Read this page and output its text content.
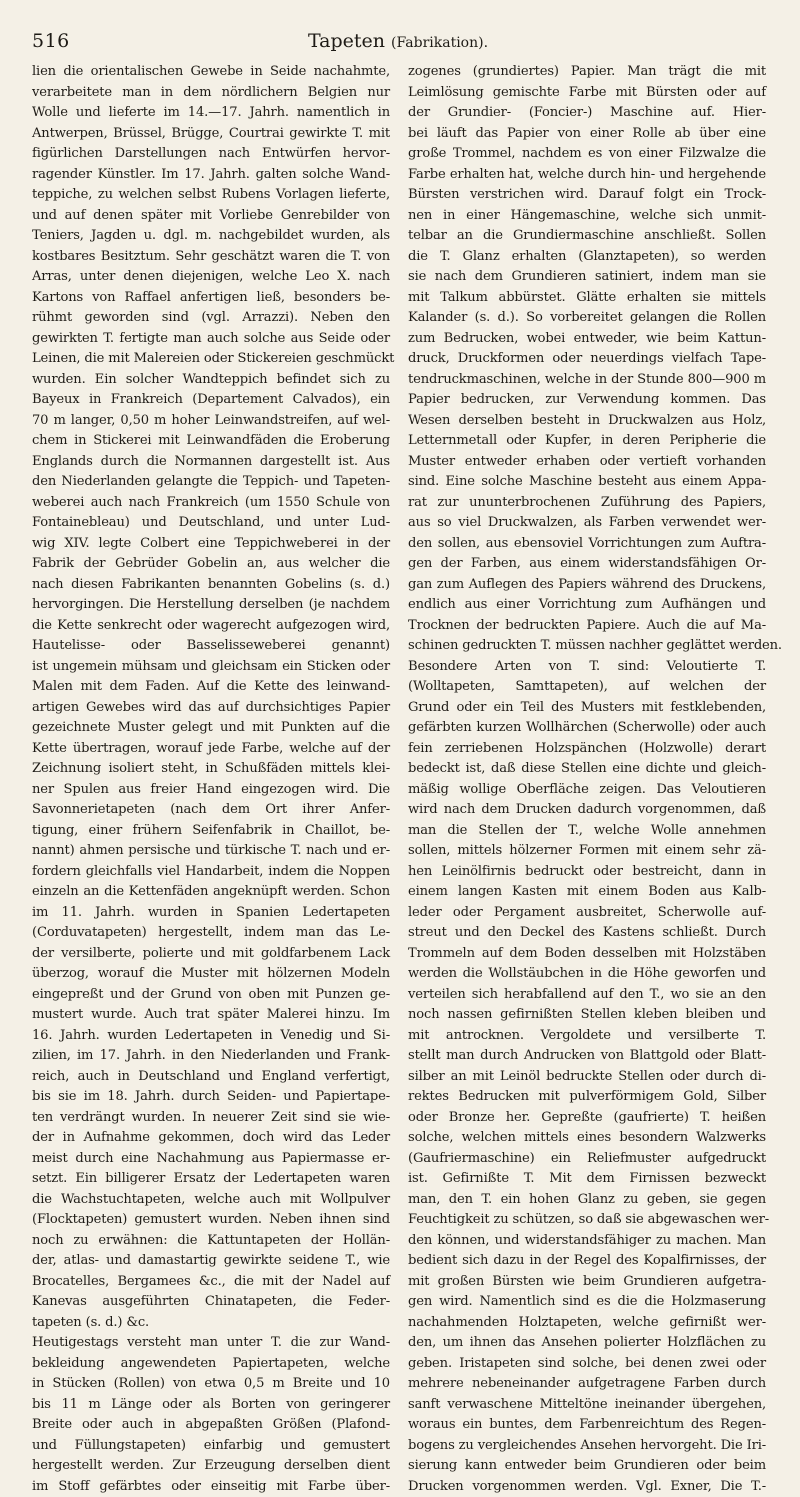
516	Tapeten (Fabrikation).
lien die orientalischen Gewebe in Seide nachahmte,
verarbeitete man in dem nördlichern Belgien nur
Wolle und lieferte im 14.—17. Jahrh. namentlich in
Antwerpen, Brüssel, Brügge, Courtrai gewirkte T. mit
figürlichen Darstellungen nach Entwürfen hervor-
ragender Künstler. Im 17. Jahrh. galten solche Wand-
teppiche, zu welchen selbst Rubens Vorlagen lieferte,
und auf denen später mit Vorliebe Genrebilder von
Teniers, Jagden u. dgl. m. nachgebildet wurden, als
kostbares Besitztum. Sehr geschätzt waren die T. von
Arras, unter denen diejenigen, welche Leo X. nach
Kartons von Raffael anfertigen ließ, besonders be-
rühmt geworden sind (vgl. Arrazzi). Neben den
gewirkten T. fertigte man auch solche aus Seide oder
Leinen, die mit Malereien oder Stickereien geschmückt
wurden. Ein solcher Wandteppich befindet sich zu
Bayeux in Frankreich (Departement Calvados), ein
70 m langer, 0,50 m hoher Leinwandstreifen, auf wel-
chem in Stickerei mit Leinwandfäden die Eroberung
Englands durch die Normannen dargestellt ist. Aus
den Niederlanden gelangte die Teppich- und Tapeten-
weberei auch nach Frankreich (um 1550 Schule von
Fontainebleau) und Deutschland, und unter Lud-
wig XIV. legte Colbert eine Teppichweberei in der
Fabrik der Gebrüder Gobelin an, aus welcher die
nach diesen Fabrikanten benannten Gobelins (s. d.)
hervorgingen. Die Herstellung derselben (je nachdem
die Kette senkrecht oder wagerecht aufgezogen wird,
Hautelisse- oder Basselisseweberei genannt)
ist ungemein mühsam und gleichsam ein Sticken oder
Malen mit dem Faden. Auf die Kette des leinwand-
artigen Gewebes wird das auf durchsichtiges Papier
gezeichnete Muster gelegt und mit Punkten auf die
Kette übertragen, worauf jede Farbe, welche auf der
Zeichnung isoliert steht, in Schußfäden mittels klei-
ner Spulen aus freier Hand eingezogen wird. Die
Savonnerietapeten (nach dem Ort ihrer Anfer-
tigung, einer frühern Seifenfabrik in Chaillot, be-
nannt) ahmen persische und türkische T. nach und er-
fordern gleichfalls viel Handarbeit, indem die Noppen
einzeln an die Kettenfäden angeknüpft werden. Schon
im 11. Jahrh. wurden in Spanien Ledertapeten
(Corduvatapeten) hergestellt, indem man das Le-
der versilberte, polierte und mit goldfarbenem Lack
überzog, worauf die Muster mit hölzernen Modeln
eingepreßt und der Grund von oben mit Punzen ge-
mustert wurde. Auch trat später Malerei hinzu. Im
16. Jahrh. wurden Ledertapeten in Venedig und Si-
zilien, im 17. Jahrh. in den Niederlanden und Frank-
reich, auch in Deutschland und England verfertigt,
bis sie im 18. Jahrh. durch Seiden- und Papiertape-
ten verdrängt wurden. In neuerer Zeit sind sie wie-
der in Aufnahme gekommen, doch wird das Leder
meist durch eine Nachahmung aus Papiermasse er-
setzt. Ein billigerer Ersatz der Ledertapeten waren
die Wachstuchtapeten, welche auch mit Wollpulver
(Flocktapeten) gemustert wurden. Neben ihnen sind
noch zu erwähnen: die Kattuntapeten der Hollän-
der, atlas- und damastartig gewirkte seidene T., wie
Brocatelles, Bergamees &c., die mit der Nadel auf
Kanevas ausgeführten Chinatapeten, die Feder-
tapeten (s. d.) &c.
Heutigestags versteht man unter T. die zur Wand-
bekleidung angewendeten Papiertapeten, welche
in Stücken (Rollen) von etwa 0,5 m Breite und 10
bis 11 m Länge oder als Borten von geringerer
Breite oder auch in abgepaßten Größen (Plafond-
und Füllungstapeten) einfarbig und gemustert
hergestellt werden. Zur Erzeugung derselben dient
im Stoff gefärbtes oder einseitig mit Farbe über-
zogenes (grundiertes) Papier. Man trägt die mit
Leimlösung gemischte Farbe mit Bürsten oder auf
der Grundier- (Foncier-) Maschine auf. Hier-
bei läuft das Papier von einer Rolle ab über eine
große Trommel, nachdem es von einer Filzwalze die
Farbe erhalten hat, welche durch hin- und hergehende
Bürsten verstrichen wird. Darauf folgt ein Trock-
nen in einer Hängemaschine, welche sich unmit-
telbar an die Grundiermaschine anschließt. Sollen
die T. Glanz erhalten (Glanztapeten), so werden
sie nach dem Grundieren satiniert, indem man sie
mit Talkum abbürstet. Glätte erhalten sie mittels
Kalander (s. d.). So vorbereitet gelangen die Rollen
zum Bedrucken, wobei entweder, wie beim Kattun-
druck, Druckformen oder neuerdings vielfach Tape-
tendruckmaschinen, welche in der Stunde 800—900 m
Papier bedrucken, zur Verwendung kommen. Das
Wesen derselben besteht in Druckwalzen aus Holz,
Letternmetall oder Kupfer, in deren Peripherie die
Muster entweder erhaben oder vertieft vorhanden
sind. Eine solche Maschine besteht aus einem Appa-
rat zur ununterbrochenen Zuführung des Papiers,
aus so viel Druckwalzen, als Farben verwendet wer-
den sollen, aus ebensoviel Vorrichtungen zum Auftra-
gen der Farben, aus einem widerstandsfähigen Or-
gan zum Auflegen des Papiers während des Druckens,
endlich aus einer Vorrichtung zum Aufhängen und
Trocknen der bedruckten Papiere. Auch die auf Ma-
schinen gedruckten T. müssen nachher geglättet werden.
Besondere Arten von T. sind: Veloutierte T.
(Wolltapeten, Samttapeten), auf welchen der
Grund oder ein Teil des Musters mit festklebenden,
gefärbten kurzen Wollhärchen (Scherwolle) oder auch
fein zerriebenen Holzspänchen (Holzwolle) derart
bedeckt ist, daß diese Stellen eine dichte und gleich-
mäßig wollige Oberfläche zeigen. Das Veloutieren
wird nach dem Drucken dadurch vorgenommen, daß
man die Stellen der T., welche Wolle annehmen
sollen, mittels hölzerner Formen mit einem sehr zä-
hen Leinölfirnis bedruckt oder bestreicht, dann in
einem langen Kasten mit einem Boden aus Kalb-
leder oder Pergament ausbreitet, Scherwolle auf-
streut und den Deckel des Kastens schließt. Durch
Trommeln auf dem Boden desselben mit Holzstäben
werden die Wollstäubchen in die Höhe geworfen und
verteilen sich herabfallend auf den T., wo sie an den
noch nassen gefirnißten Stellen kleben bleiben und
mit antrocknen. Vergoldete und versilberte T.
stellt man durch Andrucken von Blattgold oder Blatt-
silber an mit Leinöl bedruckte Stellen oder durch di-
rektes Bedrucken mit pulverförmigem Gold, Silber
oder Bronze her. Gepreßte (gaufrierte) T. heißen
solche, welchen mittels eines besondern Walzwerks
(Gaufriermaschine) ein Reliefmuster aufgedruckt
ist. Gefirnißte T. Mit dem Firnissen bezweckt
man, den T. ein hohen Glanz zu geben, sie gegen
Feuchtigkeit zu schützen, so daß sie abgewaschen wer-
den können, und widerstandsfähiger zu machen. Man
bedient sich dazu in der Regel des Kopalfirnisses, der
mit großen Bürsten wie beim Grundieren aufgetra-
gen wird. Namentlich sind es die die Holzmaserung
nachahmenden Holztapeten, welche gefirnißt wer-
den, um ihnen das Ansehen polierter Holzflächen zu
geben. Iristapeten sind solche, bei denen zwei oder
mehrere nebeneinander aufgetragene Farben durch
sanft verwaschene Mitteltöne ineinander übergehen,
woraus ein buntes, dem Farbenreichtum des Regen-
bogens zu vergleichendes Ansehen hervorgeht. Die Iri-
sierung kann entweder beim Grundieren oder beim
Drucken vorgenommen werden. Vgl. Exner, Die T.-
